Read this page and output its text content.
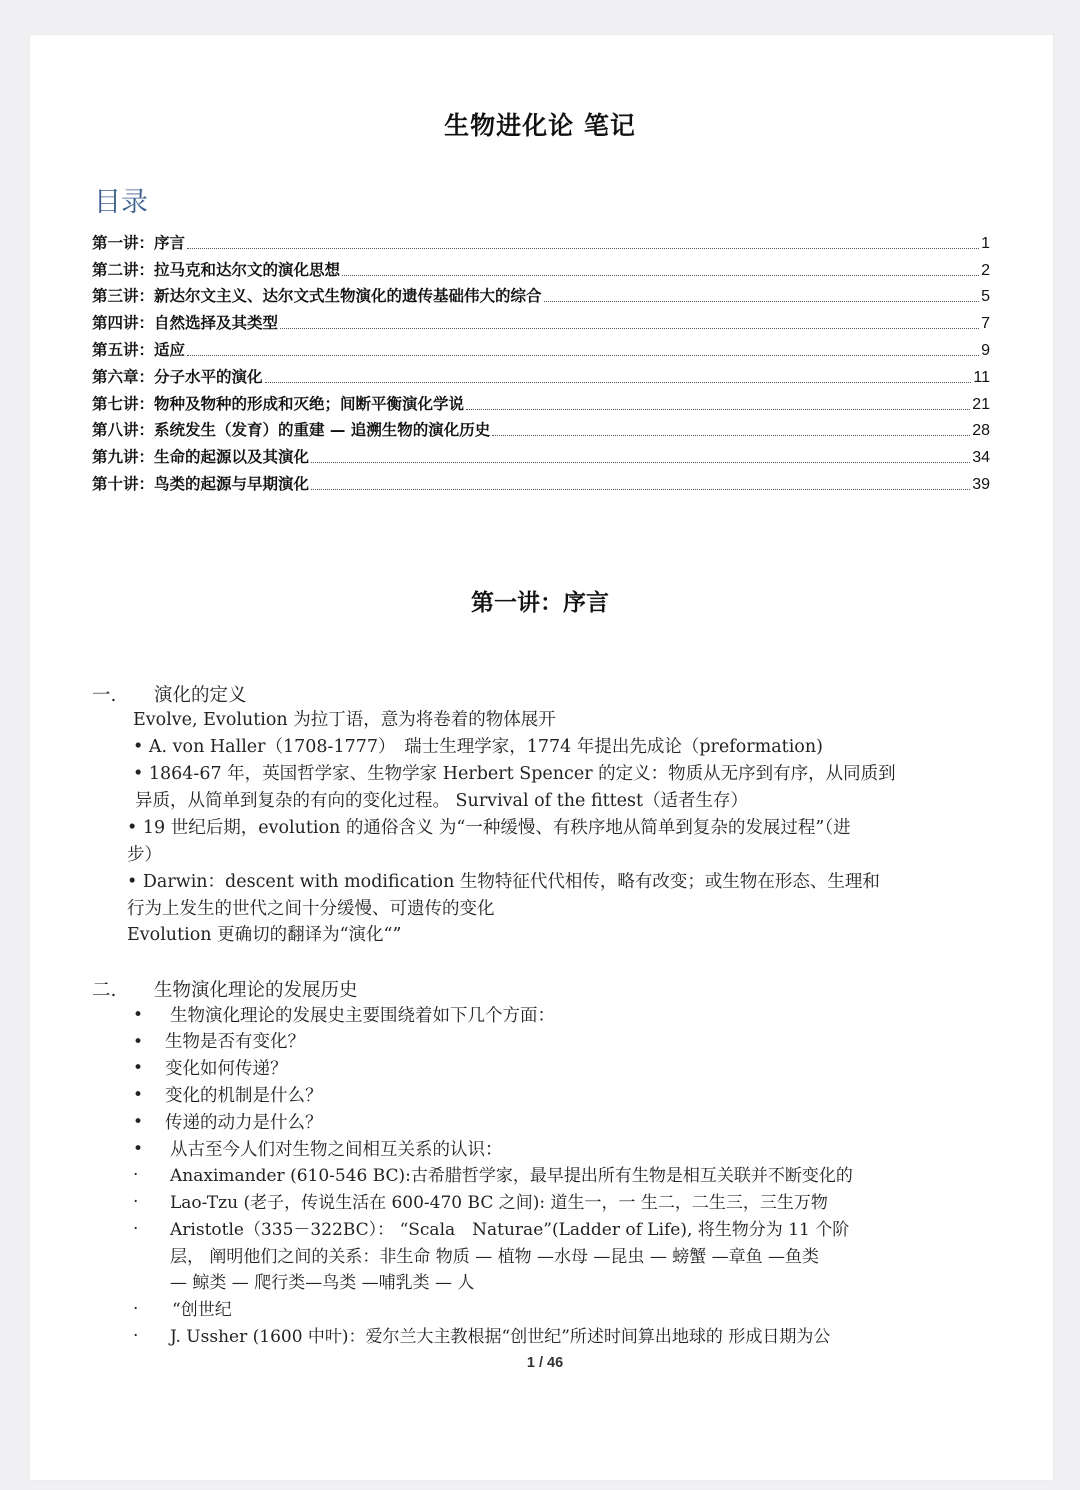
生物进化论 笔记
目录
第一讲：序言	1
第二讲：拉马克和达尔文的演化思想	2
第三讲：新达尔文主义、达尔文式生物演化的遗传基础伟大的综合	5
第四讲：自然选择及其类型	7
第五讲：适应	9
第六章：分子水平的演化	11
第七讲：物种及物种的形成和灭绝；间断平衡演化学说	21
第八讲：系统发生（发育）的重建 — 追溯生物的演化历史	28
第九讲：生命的起源以及其演化	34
第十讲：鸟类的起源与早期演化	39
第一讲：序言
一. 演化的定义
Evolve, Evolution 为拉丁语，意为将卷着的物体展开
• A. von Haller（1708-1777）　瑞士生理学家，1774 年提出先成论（preformation)
• 1864-67 年，英国哲学家、生物学家 Herbert Spencer 的定义：物质从无序到有序，从同质到
异质，从简单到复杂的有向的变化过程。 Survival of the fittest（适者生存）
• 19 世纪后期，evolution 的通俗含义 为“一种缓慢、有秩序地从简单到复杂的发展过程”（进
步）
• Darwin：descent with modification 生物特征代代相传，略有改变；或生物在形态、生理和
行为上发生的世代之间十分缓慢、可遗传的变化
Evolution 更确切的翻译为“演化“”
二. 生物演化理论的发展历史
• 生物演化理论的发展史主要围绕着如下几个方面：
• 生物是否有变化？
• 变化如何传递？
• 变化的机制是什么？
• 传递的动力是什么？
• 从古至今人们对生物之间相互关系的认识：
· Anaximander (610-546 BC):古希腊哲学家，最早提出所有生物是相互关联并不断变化的
· Lao-Tzu (老子，传说生活在 600-470 BC 之间): 道生一，一 生二，二生三，三生万物
· Aristotle（335－322BC）： “Scala　Naturae”(Ladder of Life), 将生物分为 11 个阶
层， 阐明他们之间的关系：非生命 物质 — 植物 —水母 —昆虫 — 螃蟹 —章鱼 —鱼类
— 鲸类 — 爬行类—鸟类 —哺乳类 — 人
· “创世纪
· J. Ussher (1600 中叶)：爱尔兰大主教根据“创世纪”所述时间算出地球的 形成日期为公
1 / 46
